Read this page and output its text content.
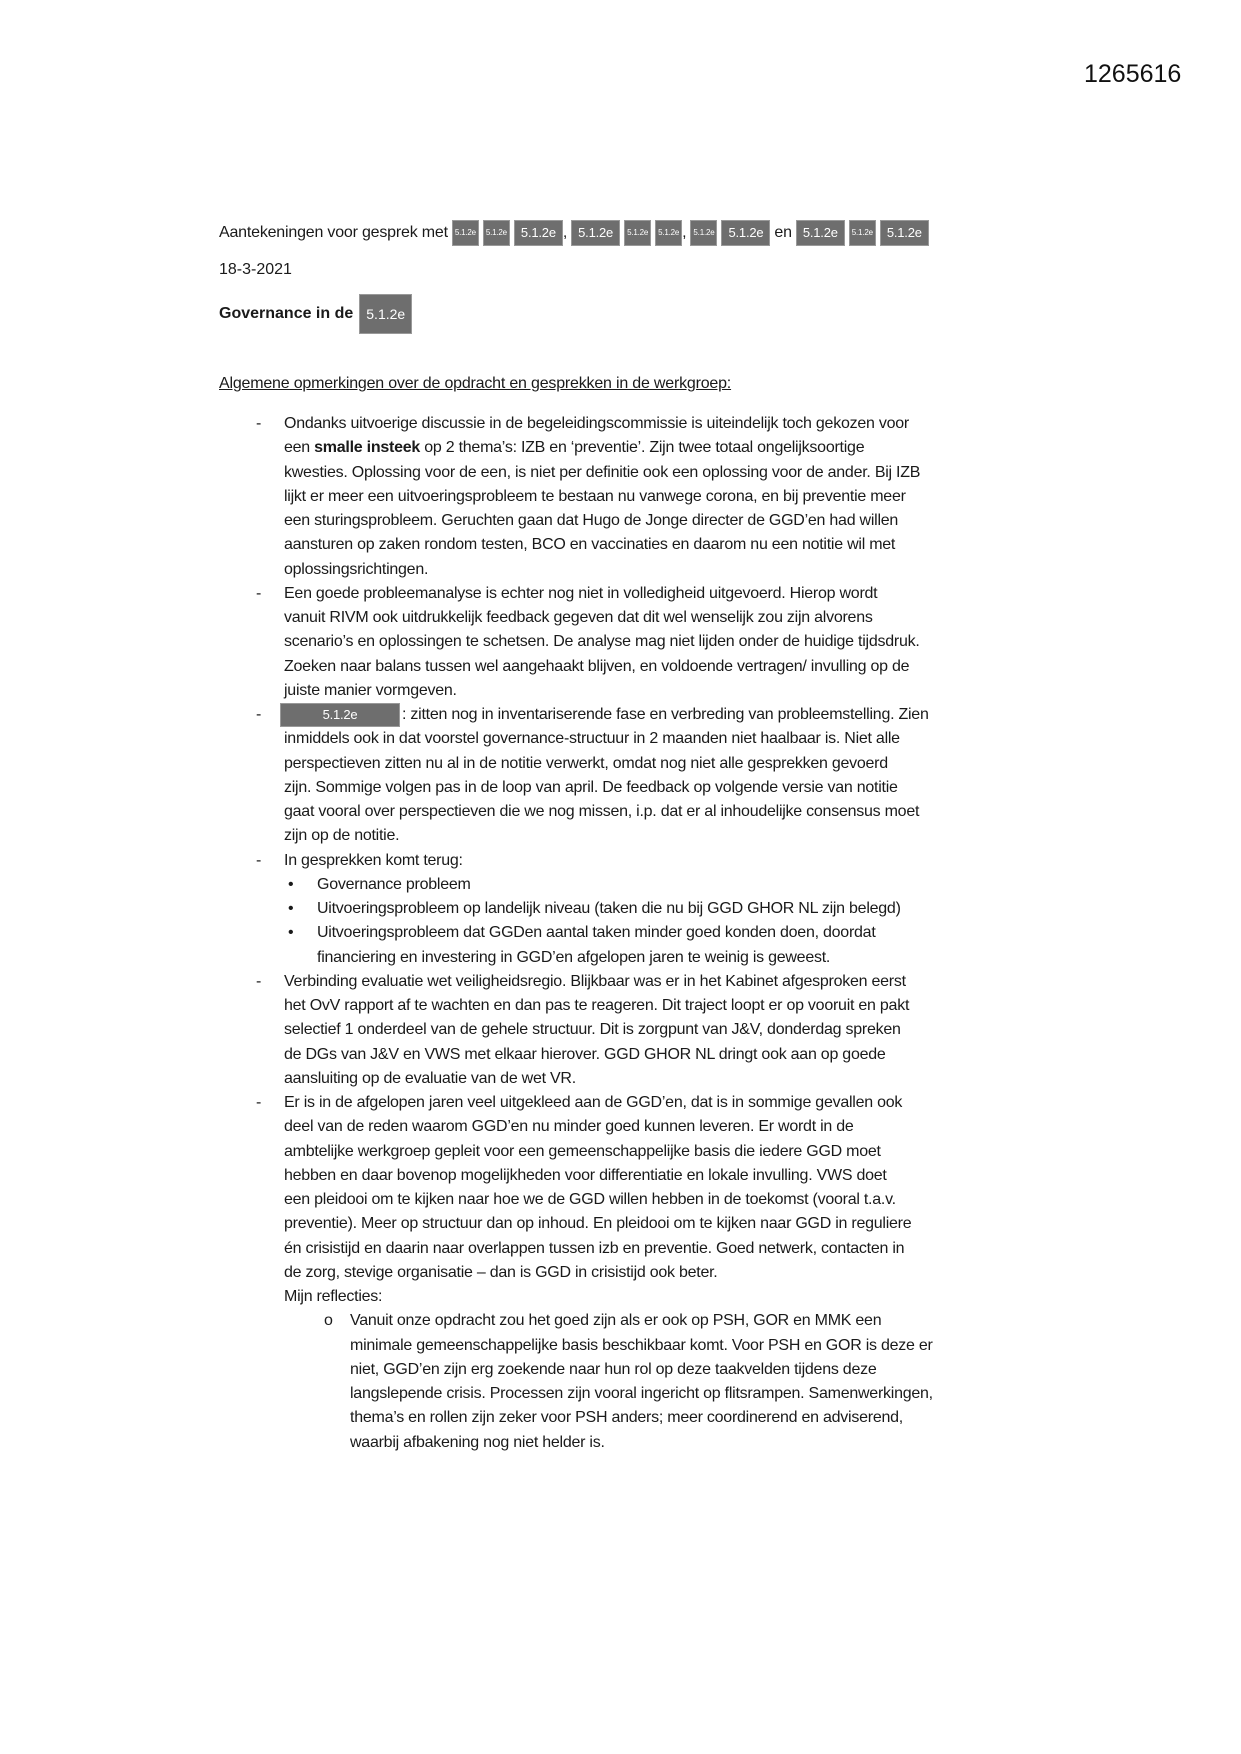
1265616
Aantekeningen voor gesprek met 5.1.2e	5.1.2e	5.1.2e , 5.1.2e	5.1.2e	5.1.2e , 5.1.2e	5.1.2e en 5.1.2e	5.1.2e	5.1.2e
18-3-2021
Governance in de 5.1.2e
Algemene opmerkingen over de opdracht en gesprekken in de werkgroep:
- Ondanks uitvoerige discussie in de begeleidingscommissie is uiteindelijk toch gekozen voor
een smalle insteek op 2 thema’s: IZB en ‘preventie’. Zijn twee totaal ongelijksoortige
kwesties. Oplossing voor de een, is niet per definitie ook een oplossing voor de ander. Bij IZB
lijkt er meer een uitvoeringsprobleem te bestaan nu vanwege corona, en bij preventie meer
een sturingsprobleem. Geruchten gaan dat Hugo de Jonge directer de GGD’en had willen
aansturen op zaken rondom testen, BCO en vaccinaties en daarom nu een notitie wil met
oplossingsrichtingen.
- Een goede probleemanalyse is echter nog niet in volledigheid uitgevoerd. Hierop wordt
vanuit RIVM ook uitdrukkelijk feedback gegeven dat dit wel wenselijk zou zijn alvorens
scenario’s en oplossingen te schetsen. De analyse mag niet lijden onder de huidige tijdsdruk.
Zoeken naar balans tussen wel aangehaakt blijven, en voldoende vertragen/ invulling op de
juiste manier vormgeven.
-	5.1.2e	: zitten nog in inventariserende fase en verbreding van probleemstelling. Zien
inmiddels ook in dat voorstel governance-structuur in 2 maanden niet haalbaar is. Niet alle
perspectieven zitten nu al in de notitie verwerkt, omdat nog niet alle gesprekken gevoerd
zijn. Sommige volgen pas in de loop van april. De feedback op volgende versie van notitie
gaat vooral over perspectieven die we nog missen, i.p. dat er al inhoudelijke consensus moet
zijn op de notitie.
- In gesprekken komt terug:
• Governance probleem
• Uitvoeringsprobleem op landelijk niveau (taken die nu bij GGD GHOR NL zijn belegd)
• Uitvoeringsprobleem dat GGDen aantal taken minder goed konden doen, doordat
financiering en investering in GGD’en afgelopen jaren te weinig is geweest.
- Verbinding evaluatie wet veiligheidsregio. Blijkbaar was er in het Kabinet afgesproken eerst
het OvV rapport af te wachten en dan pas te reageren. Dit traject loopt er op vooruit en pakt
selectief 1 onderdeel van de gehele structuur. Dit is zorgpunt van J&V, donderdag spreken
de DGs van J&V en VWS met elkaar hierover. GGD GHOR NL dringt ook aan op goede
aansluiting op de evaluatie van de wet VR.
- Er is in de afgelopen jaren veel uitgekleed aan de GGD’en, dat is in sommige gevallen ook
deel van de reden waarom GGD’en nu minder goed kunnen leveren. Er wordt in de
ambtelijke werkgroep gepleit voor een gemeenschappelijke basis die iedere GGD moet
hebben en daar bovenop mogelijkheden voor differentiatie en lokale invulling. VWS doet
een pleidooi om te kijken naar hoe we de GGD willen hebben in de toekomst (vooral t.a.v.
preventie). Meer op structuur dan op inhoud. En pleidooi om te kijken naar GGD in reguliere
én crisistijd en daarin naar overlappen tussen izb en preventie. Goed netwerk, contacten in
de zorg, stevige organisatie – dan is GGD in crisistijd ook beter.
Mijn reflecties:
o Vanuit onze opdracht zou het goed zijn als er ook op PSH, GOR en MMK een
minimale gemeenschappelijke basis beschikbaar komt. Voor PSH en GOR is deze er
niet, GGD’en zijn erg zoekende naar hun rol op deze taakvelden tijdens deze
langslepende crisis. Processen zijn vooral ingericht op flitsrampen. Samenwerkingen,
thema’s en rollen zijn zeker voor PSH anders; meer coordinerend en adviserend,
waarbij afbakening nog niet helder is.
